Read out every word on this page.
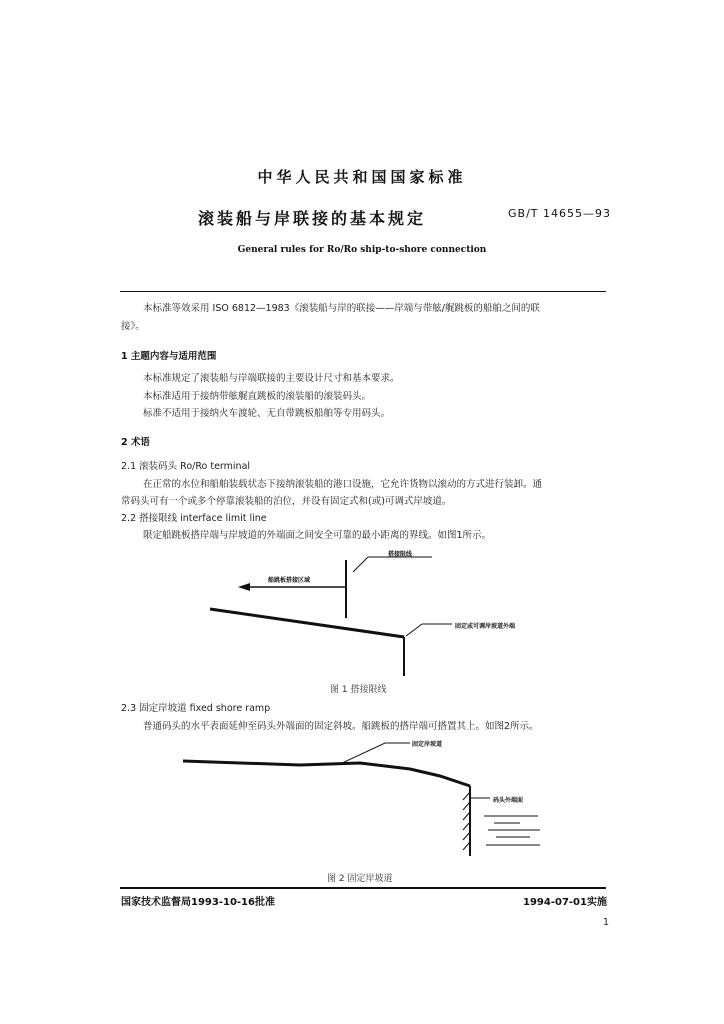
中华人民共和国国家标准
滚装船与岸联接的基本规定	GB/T 14655—93
General rules for Ro/Ro ship-to-shore connection
本标准等效采用 ISO 6812—1983《滚装船与岸的联接——岸端与带舷/艉跳板的船舶之间的联
接》。
1 主题内容与适用范围
本标准规定了滚装船与岸端联接的主要设计尺寸和基本要求。
本标准适用于接纳带舷艉直跳板的滚装船的滚装码头。
标准不适用于接纳火车渡轮、无自带跳板船舶等专用码头。
2 术语
2.1 滚装码头 Ro/Ro terminal
在正常的水位和船舶装载状态下接纳滚装船的港口设施，它允许货物以滚动的方式进行装卸。通
常码头可有一个或多个停靠滚装船的泊位，并设有固定式和(或)可调式岸坡道。
2.2 搭接限线 interface limit line
限定船跳板搭岸端与岸坡道的外端面之间安全可靠的最小距离的界线。如图1所示。
搭接限线
船跳板搭接区域
固定或可调岸坡道外端
图 1 搭接限线
2.3 固定岸坡道 fixed shore ramp
普通码头的水平表面延伸至码头外端面的固定斜坡。船跳板的搭岸端可搭置其上。如图2所示。
固定岸坡道
码头外端面
图 2 固定岸坡道
国家技术监督局1993-10-16批准	1994-07-01实施
1
